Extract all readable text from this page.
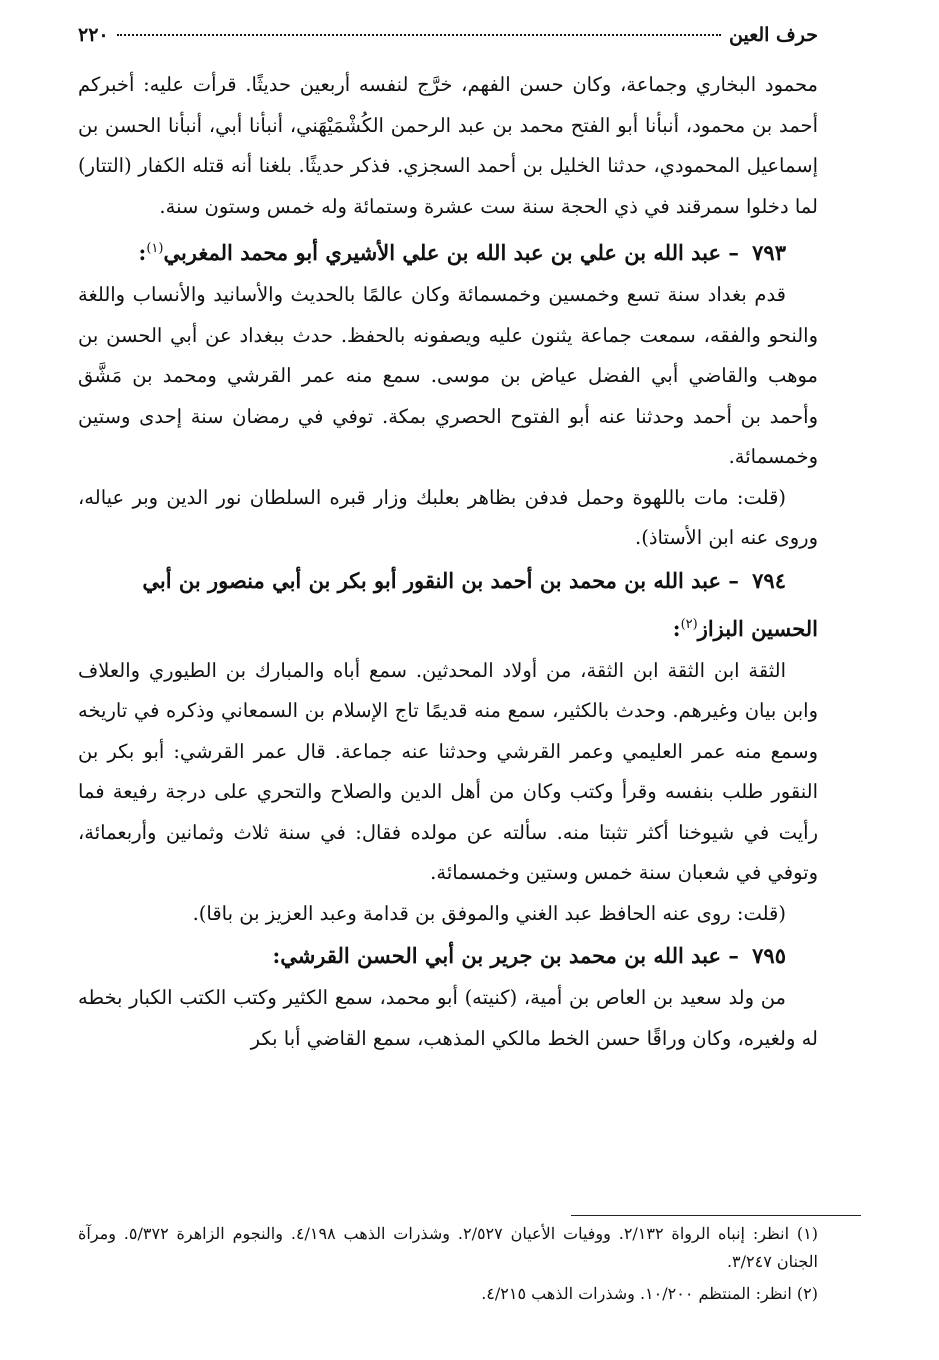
حرف العين
٢٢٠

محمود البخاري وجماعة، وكان حسن الفهم، خرَّج لنفسه أربعين حديثًا. قرأت عليه: أخبركم أحمد بن محمود، أنبأنا أبو الفتح محمد بن عبد الرحمن الكُشْمَيْهَني، أنبأنا أبي، أنبأنا الحسن بن إسماعيل المحمودي، حدثنا الخليل بن أحمد السجزي. فذكر حديثًا. بلغنا أنه قتله الكفار (التتار) لما دخلوا سمرقند في ذي الحجة سنة ست عشرة وستمائة وله خمس وستون سنة.

٧٩٣ – عبد الله بن علي بن عبد الله بن علي الأشيري أبو محمد المغربي$^{(١)}$:

قدم بغداد سنة تسع وخمسين وخمسمائة وكان عالمًا بالحديث والأسانيد والأنساب واللغة والنحو والفقه، سمعت جماعة يثنون عليه ويصفونه بالحفظ. حدث ببغداد عن أبي الحسن بن موهب والقاضي أبي الفضل عياض بن موسى. سمع منه عمر القرشي ومحمد بن مَشَّق وأحمد بن أحمد وحدثنا عنه أبو الفتوح الحصري بمكة. توفي في رمضان سنة إحدى وستين وخمسمائة.

(قلت: مات باللهوة وحمل فدفن بظاهر بعلبك وزار قبره السلطان نور الدين وبر عياله، وروى عنه ابن الأستاذ).

٧٩٤ – عبد الله بن محمد بن أحمد بن النقور أبو بكر بن أبي منصور بن أبي الحسين البزاز$^{(٢)}$:

الثقة ابن الثقة ابن الثقة، من أولاد المحدثين. سمع أباه والمبارك بن الطيوري والعلاف وابن بيان وغيرهم. وحدث بالكثير، سمع منه قديمًا تاج الإسلام بن السمعاني وذكره في تاريخه وسمع منه عمر العليمي وعمر القرشي وحدثنا عنه جماعة. قال عمر القرشي: أبو بكر بن النقور طلب بنفسه وقرأ وكتب وكان من أهل الدين والصلاح والتحري على درجة رفيعة فما رأيت في شيوخنا أكثر تثبتا منه. سألته عن مولده فقال: في سنة ثلاث وثمانين وأربعمائة، وتوفي في شعبان سنة خمس وستين وخمسمائة.

(قلت: روى عنه الحافظ عبد الغني والموفق بن قدامة وعبد العزيز بن باقا).

٧٩٥ – عبد الله بن محمد بن جرير بن أبي الحسن القرشي:

من ولد سعيد بن العاص بن أمية، (كنيته) أبو محمد، سمع الكثير وكتب الكتب الكبار بخطه له ولغيره، وكان وراقًا حسن الخط مالكي المذهب، سمع القاضي أبا بكر

(١) انظر: إنباه الرواة ٢/١٣٢. ووفيات الأعيان ٢/٥٢٧. وشذرات الذهب ٤/١٩٨. والنجوم الزاهرة ٥/٣٧٢. ومرآة الجنان ٣/٢٤٧.
(٢) انظر: المنتظم ١٠/٢٠٠. وشذرات الذهب ٤/٢١٥.
